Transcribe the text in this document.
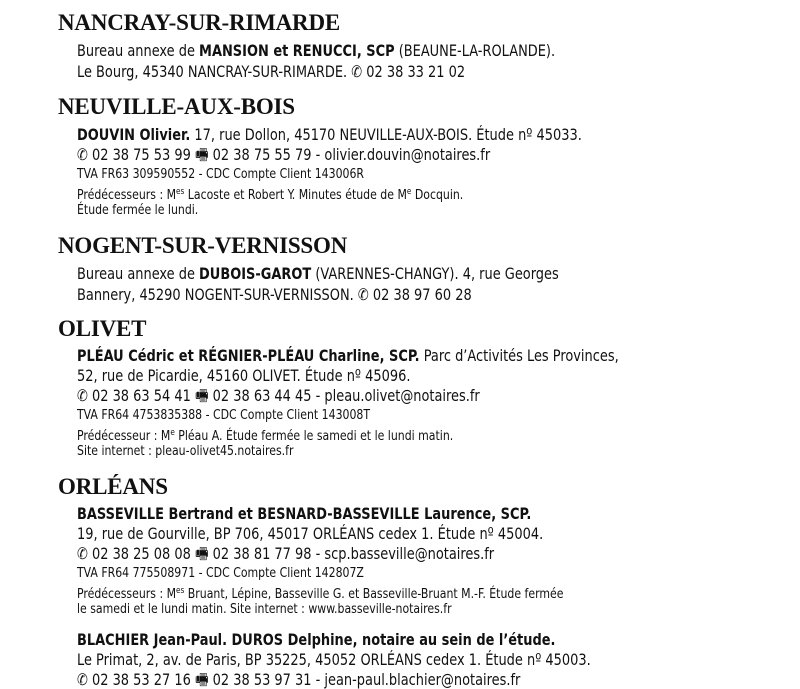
NANCRAY-SUR-RIMARDE

Bureau annexe de MANSION et RENUCCI, SCP (BEAUNE-LA-ROLANDE).

Le Bourg, 45340 NANCRAY-SUR-RIMARDE. ✆ 02 38 33 21 02

NEUVILLE-AUX-BOIS

DOUVIN Olivier. 17, rue Dollon, 45170 NEUVILLE-AUX-BOIS. Étude nº 45033.

✆ 02 38 75 53 99 🖷 02 38 75 55 79 - olivier.douvin@notaires.fr

TVA FR63 309590552 - CDC Compte Client 143006R

Prédécesseurs : $M^{es}$ Lacoste et Robert Y. Minutes étude de Me Docquin.

Étude fermée le lundi.

NOGENT-SUR-VERNISSON

Bureau annexe de DUBOIS-GAROT (VARENNES-CHANGY). 4, rue Georges

Bannery, 45290 NOGENT-SUR-VERNISSON. ✆ 02 38 97 60 28

OLIVET

PLÉAU Cédric et RÉGNIER-PLÉAU Charline, SCP. Parc d’Activités Les Provinces,

52, rue de Picardie, 45160 OLIVET. Étude nº 45096.

✆ 02 38 63 54 41 🖷 02 38 63 44 45 - pleau.olivet@notaires.fr

TVA FR64 4753835388 - CDC Compte Client 143008T

Prédécesseur : Me Pléau A. Étude fermée le samedi et le lundi matin.

Site internet : pleau-olivet45.notaires.fr

ORLÉANS

BASSEVILLE Bertrand et BESNARD-BASSEVILLE Laurence, SCP.

19, rue de Gourville, BP 706, 45017 ORLÉANS cedex 1. Étude nº 45004.

✆ 02 38 25 08 08 🖷 02 38 81 77 98 - scp.basseville@notaires.fr

TVA FR64 775508971 - CDC Compte Client 142807Z

Prédécesseurs : $M^{es}$ Bruant, Lépine, Basseville G. et Basseville-Bruant M.-F. Étude fermée

le samedi et le lundi matin. Site internet : www.basseville-notaires.fr

BLACHIER Jean-Paul. DUROS Delphine, notaire au sein de l’étude.

Le Primat, 2, av. de Paris, BP 35225, 45052 ORLÉANS cedex 1. Étude nº 45003.

✆ 02 38 53 27 16 🖷 02 38 53 97 31 - jean-paul.blachier@notaires.fr
